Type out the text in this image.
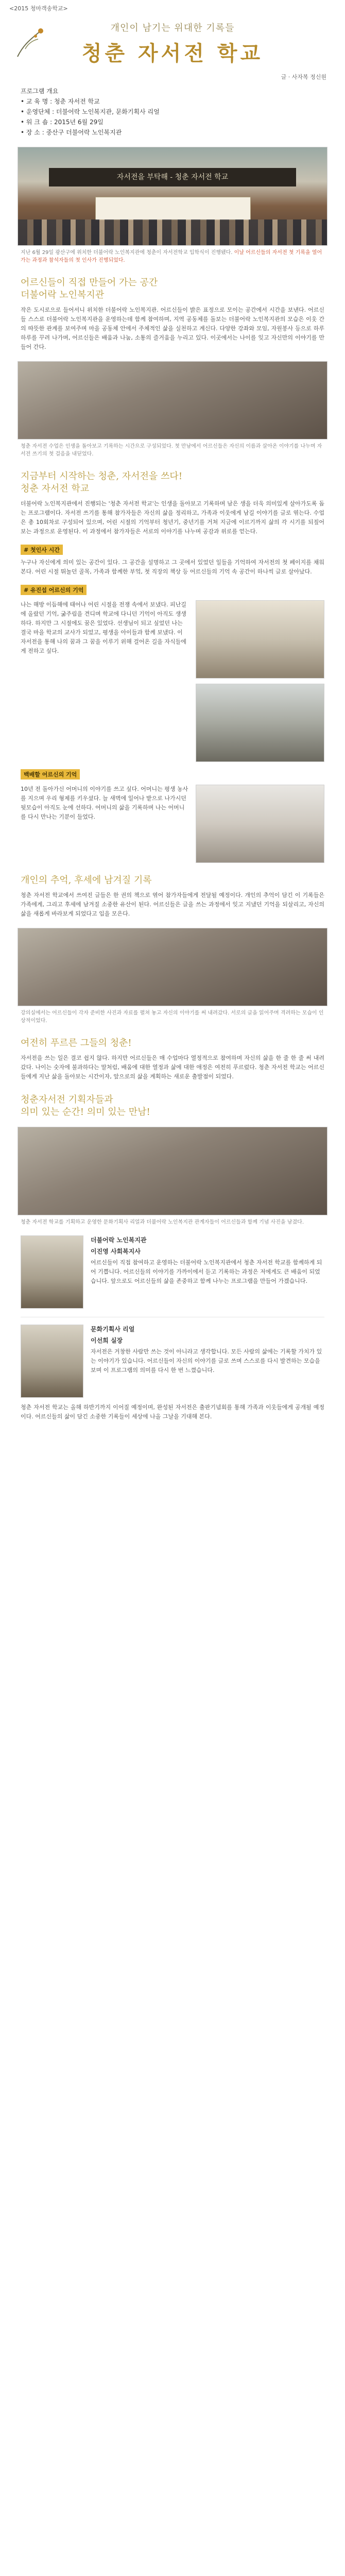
<2015 청마객송학교>
개인이 남기는 위대한 기록들
청춘 자서전 학교
글 · 사자복 정신원
프로그램 개요
• 교 육 명 : 청춘 자서전 학교
• 운영단체 : 더불어락 노인복지관, 문화기획사 리얼
• 워 크 숍 : 2015년 6월 29일
• 장 소 : 중산구 더불어락 노인복지관
자서전을 부탁해 - 청춘 자서전 학교
지난 6월 29일 광산구에 위치한 더불어락 노인복지관에 청춘이 자서전학교 입학식이 진행됐다. 이날 어르신들의 자서전 첫 기록을 열어 가는 과정과 참석자들의 첫 인사가 진행되었다.
어르신들이 직접 만들어 가는 공간
더불어락 노인복지관
작은 도시로으로 들어서니 위치한 더불어락 노인복지관. 어르신들이 밝은 표정으로 모이는 공간에서 시간을 보낸다. 어르신들 스스로 더불어락 노인복지관을 운영하는데 함께 참여하며, 지역 공동체를 돌보는 더불어락 노인복지관의 모습은 이웃 간의 따뜻한 관계를 보여주며 마을 공동체 안에서 주체적인 삶을 실천하고 계신다. 다양한 강좌와 모임, 자원봉사 등으로 하루하루를 꾸려 나가며, 어르신들은 배움과 나눔, 소통의 즐거움을 누리고 있다. 이곳에서는 나이를 잊고 자신만의 이야기를 만들어 간다.
청춘 자서전 수업은 인생을 돌아보고 기록하는 시간으로 구성되었다. 첫 만남에서 어르신들은 자신의 이름과 살아온 이야기를 나누며 자서전 쓰기의 첫 걸음을 내딛었다.
지금부터 시작하는 청춘, 자서전을 쓰다!
청춘 자서전 학교
더불어락 노인복지관에서 진행되는 '청춘 자서전 학교'는 인생을 돌아보고 기록하며 남은 생을 더욱 의미있게 살아가도록 돕는 프로그램이다. 자서전 쓰기를 통해 참가자들은 자신의 삶을 정리하고, 가족과 이웃에게 남길 이야기를 글로 엮는다. 수업은 총 10회차로 구성되어 있으며, 어린 시절의 기억부터 청년기, 중년기를 거쳐 지금에 이르기까지 삶의 각 시기를 되짚어 보는 과정으로 운영된다. 이 과정에서 참가자들은 서로의 이야기를 나누며 공감과 위로를 얻는다.
# 첫인사 시간
누구나 자신에게 의미 있는 공간이 있다. 그 공간을 설명하고 그 곳에서 있었던 일들을 기억하여 자서전의 첫 페이지를 채워본다. 어린 시절 뛰놀던 골목, 가족과 함께한 부엌, 첫 직장의 책상 등 어르신들의 기억 속 공간이 하나씩 글로 살아났다.
# 유진섭 어르신의 기억
나는 해방 이듬해에 태어나 어린 시절을 전쟁 속에서 보냈다. 피난길에 올랐던 기억, 굶주림을 견디며 학교에 다니던 기억이 아직도 생생하다. 하지만 그 시절에도 꿈은 있었다. 선생님이 되고 싶었던 나는 결국 마을 학교의 교사가 되었고, 평생을 아이들과 함께 보냈다. 이 자서전을 통해 나의 꿈과 그 꿈을 이루기 위해 걸어온 길을 자식들에게 전하고 싶다.
백배할 어르신의 기억
10년 전 돌아가신 어머니의 이야기를 쓰고 싶다. 어머니는 평생 농사를 지으며 우리 형제를 키우셨다. 늘 새벽에 일어나 밭으로 나가시던 뒷모습이 아직도 눈에 선하다. 어머니의 삶을 기록하며 나는 어머니를 다시 만나는 기분이 들었다.
개인의 추억, 후세에 남겨질 기록
청춘 자서전 학교에서 쓰여진 글들은 한 권의 책으로 엮어 참가자들에게 전달될 예정이다. 개인의 추억이 담긴 이 기록들은 가족에게, 그리고 후세에 남겨질 소중한 유산이 된다. 어르신들은 글을 쓰는 과정에서 잊고 지냈던 기억을 되살리고, 자신의 삶을 새롭게 바라보게 되었다고 입을 모은다.
강의실에서는 어르신들이 각자 준비한 사진과 자료를 펼쳐 놓고 자신의 이야기를 써 내려갔다. 서로의 글을 읽어주며 격려하는 모습이 인상적이었다.
여전히 푸르른 그들의 청춘!
자서전을 쓰는 일은 결코 쉽지 않다. 하지만 어르신들은 매 수업마다 열정적으로 참여하며 자신의 삶을 한 줄 한 줄 써 내려갔다. 나이는 숫자에 불과하다는 말처럼, 배움에 대한 열정과 삶에 대한 애정은 여전히 푸르렀다. 청춘 자서전 학교는 어르신들에게 지난 삶을 돌아보는 시간이자, 앞으로의 삶을 계획하는 새로운 출발점이 되었다.
청춘자서전 기획자들과
의미 있는 순간! 의미 있는 만남!
청춘 자서전 학교를 기획하고 운영한 문화기획사 리얼과 더불어락 노인복지관 관계자들이 어르신들과 함께 기념 사진을 남겼다.
더불어락 노인복지관
이진영 사회복지사
어르신들이 직접 참여하고 운영하는 더불어락 노인복지관에서 청춘 자서전 학교를 함께하게 되어 기쁩니다. 어르신들의 이야기를 가까이에서 듣고 기록하는 과정은 저에게도 큰 배움이 되었습니다. 앞으로도 어르신들의 삶을 존중하고 함께 나누는 프로그램을 만들어 가겠습니다.
문화기획사 리얼
이선희 실장
자서전은 거창한 사람만 쓰는 것이 아니라고 생각합니다. 모든 사람의 삶에는 기록할 가치가 있는 이야기가 있습니다. 어르신들이 자신의 이야기를 글로 쓰며 스스로를 다시 발견하는 모습을 보며 이 프로그램의 의미를 다시 한 번 느꼈습니다.
청춘 자서전 학교는 올해 하반기까지 이어질 예정이며, 완성된 자서전은 출판기념회를 통해 가족과 이웃들에게 공개될 예정이다. 어르신들의 삶이 담긴 소중한 기록들이 세상에 나올 그날을 기대해 본다.
